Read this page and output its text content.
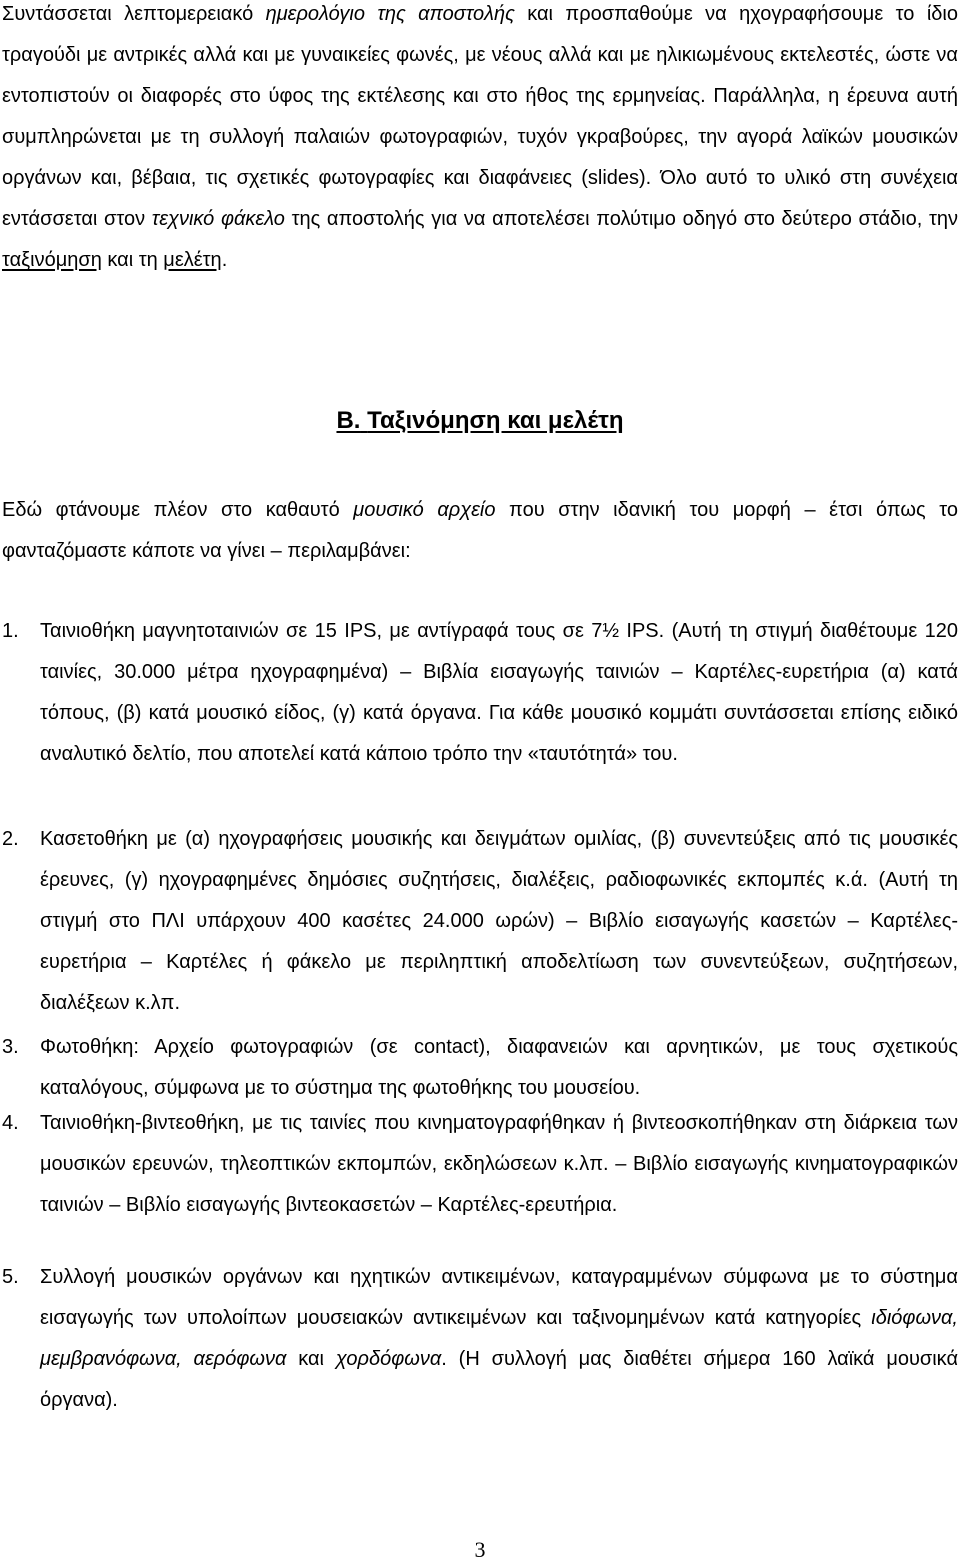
Συντάσσεται λεπτομερειακό ημερολόγιο της αποστολής και προσπαθούμε να ηχογραφήσουμε το ίδιο τραγούδι με αντρικές αλλά και με γυναικείες φωνές, με νέους αλλά και με ηλικιωμένους εκτελεστές, ώστε να εντοπιστούν οι διαφορές στο ύφος της εκτέλεσης και στο ήθος της ερμηνείας. Παράλληλα, η έρευνα αυτή συμπληρώνεται με τη συλλογή παλαιών φωτογραφιών, τυχόν γκραβούρες, την αγορά λαϊκών μουσικών οργάνων και, βέβαια, τις σχετικές φωτογραφίες και διαφάνειες (slides). Όλο αυτό το υλικό στη συνέχεια εντάσσεται στον τεχνικό φάκελο της αποστολής για να αποτελέσει πολύτιμο οδηγό στο δεύτερο στάδιο, την ταξινόμηση και τη μελέτη.

B. Ταξινόμηση και μελέτη

Εδώ φτάνουμε πλέον στο καθαυτό μουσικό αρχείο που στην ιδανική του μορφή – έτσι όπως το φανταζόμαστε κάποτε να γίνει – περιλαμβάνει:

1. Ταινιοθήκη μαγνητοταινιών σε 15 IPS, με αντίγραφά τους σε 7½ IPS. (Αυτή τη στιγμή διαθέτουμε 120 ταινίες, 30.000 μέτρα ηχογραφημένα) – Βιβλία εισαγωγής ταινιών – Καρτέλες-ευρετήρια (α) κατά τόπους, (β) κατά μουσικό είδος, (γ) κατά όργανα. Για κάθε μουσικό κομμάτι συντάσσεται επίσης ειδικό αναλυτικό δελτίο, που αποτελεί κατά κάποιο τρόπο την «ταυτότητά» του.
2. Κασετοθήκη με (α) ηχογραφήσεις μουσικής και δειγμάτων ομιλίας, (β) συνεντεύξεις από τις μουσικές έρευνες, (γ) ηχογραφημένες δημόσιες συζητήσεις, διαλέξεις, ραδιοφωνικές εκπομπές κ.ά. (Αυτή τη στιγμή στο ΠΛΙ υπάρχουν 400 κασέτες 24.000 ωρών) – Βιβλίο εισαγωγής κασετών – Καρτέλες-ευρετήρια – Καρτέλες ή φάκελο με περιληπτική αποδελτίωση των συνεντεύξεων, συζητήσεων, διαλέξεων κ.λπ.
3. Φωτοθήκη: Αρχείο φωτογραφιών (σε contact), διαφανειών και αρνητικών, με τους σχετικούς καταλόγους, σύμφωνα με το σύστημα της φωτοθήκης του μουσείου.
4. Ταινιοθήκη-βιντεοθήκη, με τις ταινίες που κινηματογραφήθηκαν ή βιντεοσκοπήθηκαν στη διάρκεια των μουσικών ερευνών, τηλεοπτικών εκπομπών, εκδηλώσεων κ.λπ. – Βιβλίο εισαγωγής κινηματογραφικών ταινιών – Βιβλίο εισαγωγής βιντεοκασετών – Καρτέλες-ερευτήρια.
5. Συλλογή μουσικών οργάνων και ηχητικών αντικειμένων, καταγραμμένων σύμφωνα με το σύστημα εισαγωγής των υπολοίπων μουσειακών αντικειμένων και ταξινομημένων κατά κατηγορίες ιδιόφωνα, μεμβρανόφωνα, αερόφωνα και χορδόφωνα. (Η συλλογή μας διαθέτει σήμερα 160 λαϊκά μουσικά όργανα).
3
